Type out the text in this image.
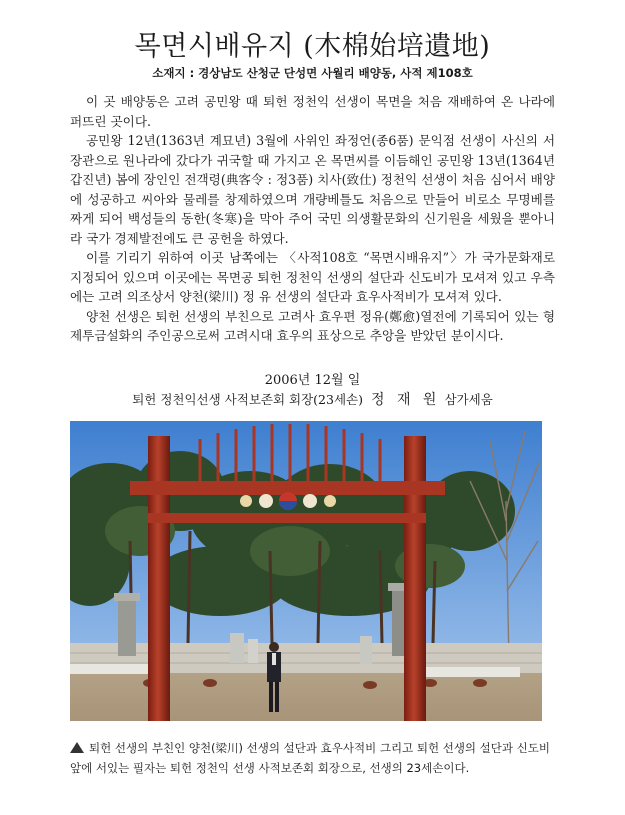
목면시배유지 (木棉始培遺地)
소재지 : 경상남도 산청군 단성면 사월리 배양동, 사적 제108호

이 곳 배양동은 고려 공민왕 때 퇴헌 정천익 선생이 목면을 처음 재배하여 온 나라에 퍼뜨린 곳이다.

공민왕 12년(1363년 계묘년) 3월에 사위인 좌정언(종6품) 문익점 선생이 사신의 서장관으로 원나라에 갔다가 귀국할 때 가지고 온 목면씨를 이듬해인 공민왕 13년(1364년 갑진년) 봄에 장인인 전객령(典客令 : 정3품) 치사(致仕) 정천익 선생이 처음 심어서 배양에 성공하고 씨아와 물레를 창제하였으며 개량베틀도 처음으로 만들어 비로소 무명베를 짜게 되어 백성들의 동한(冬寒)을 막아 주어 국민 의생활문화의 신기원을 세웠을 뿐아니라 국가 경제발전에도 큰 공헌을 하였다.

이를 기리기 위하여 이곳 남쪽에는 〈사적108호 “목면시배유지”〉가 국가문화재로 지정되어 있으며 이곳에는 목면공 퇴헌 정천익 선생의 설단과 신도비가 모셔져 있고 우측에는 고려 의조상서 양천(梁川) 정 유 선생의 설단과 효우사적비가 모셔져 있다.

양천 선생은 퇴헌 선생의 부친으로 고려사 효우편 정유(鄭愈)열전에 기록되어 있는 형제투금설화의 주인공으로써 고려시대 효우의 표상으로 추앙을 받았던 분이시다.

2006년 12월 일
퇴헌 정천익선생 사적보존회 회장(23세손) 정 재 원 삼가세움
퇴헌 선생의 부친인 양천(梁川) 선생의 설단과 효우사적비 그리고 퇴헌 선생의 설단과 신도비 앞에 서있는 필자는 퇴헌 정천익 선생 사적보존회 회장으로, 선생의 23세손이다.
